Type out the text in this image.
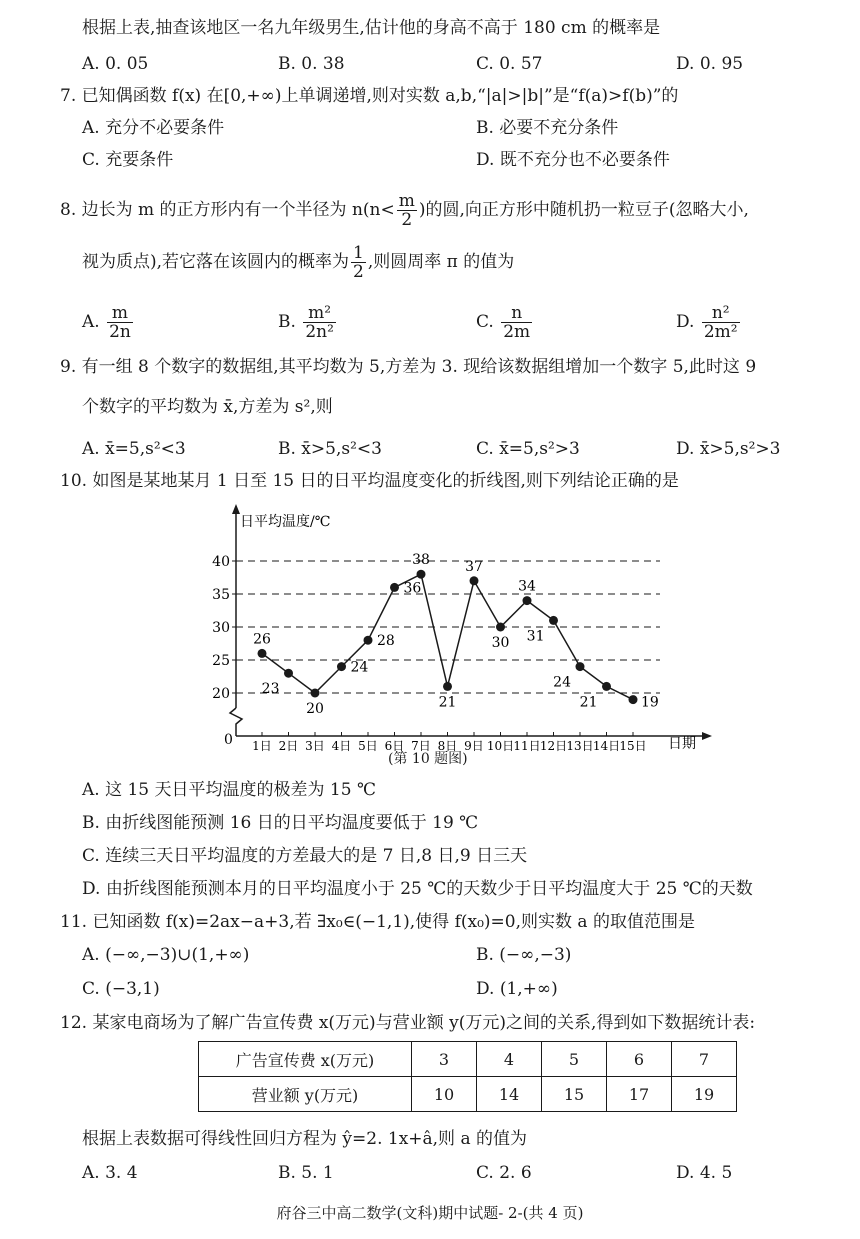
根据上表,抽查该地区一名九年级男生,估计他的身高不高于 180 cm 的概率是
A. 0. 05	B. 0. 38	C. 0. 57	D. 0. 95
7. 已知偶函数 f(x) 在[0,+∞)上单调递增,则对实数 a,b,“|a|>|b|”是“f(a)>f(b)”的
A. 充分不必要条件	B. 必要不充分条件
C. 充要条件	D. 既不充分也不必要条件
8. 边长为 m 的正方形内有一个半径为 $n(n< \frac{m}{2}$ )的圆,向正方形中随机扔一粒豆子(忽略大小,
视为质点),若它落在该圆内的概率为 $\frac{1}{2}$ ,则圆周率 π 的值为
A. $\frac{m}{2n}$	B. $\frac{\text{m²}}{\text{2n²}}$	C. $\frac{n}{2m}$	D. $\frac{\text{n²}}{\text{2m²}}$
9. 有一组 8 个数字的数据组,其平均数为 5,方差为 3. 现给该数据组增加一个数字 5,此时这 9
个数字的平均数为 x̄,方差为 s²,则
A. x̄=5,s²<3	B. x̄>5,s²<3	C. x̄=5,s²>3	D. x̄>5,s²>3
10. 如图是某地某月 1 日至 15 日的日平均温度变化的折线图,则下列结论正确的是
0
日平均温度/℃
日期
20
25
30
35
40
1日 2日 3日 4日 5日 6日 7日 8日 9日 10日 11日 12日 13日 14日 15日
26
23
20
24
28
36
38
21
37
30
34
31
24
21	19
(第 10 题图)
A. 这 15 天日平均温度的极差为 15 ℃
B. 由折线图能预测 16 日的日平均温度要低于 19 ℃
C. 连续三天日平均温度的方差最大的是 7 日,8 日,9 日三天
D. 由折线图能预测本月的日平均温度小于 25 ℃的天数少于日平均温度大于 25 ℃的天数
11. 已知函数 f(x)=2ax−a+3,若 ∃x₀∈(−1,1),使得 f(x₀)=0,则实数 a 的取值范围是
A. (−∞,−3)∪(1,+∞)	B. (−∞,−3)
C. (−3,1)	D. (1,+∞)
12. 某家电商场为了解广告宣传费 x(万元)与营业额 y(万元)之间的关系,得到如下数据统计表:
广告宣传费 x(万元)	3	4	5	6	7
营业额 y(万元)	10	14	15	17	19
根据上表数据可得线性回归方程为 ŷ=2. 1x+â,则 a 的值为
A. 3. 4	B. 5. 1	C. 2. 6	D. 4. 5
府谷三中高二数学(文科)期中试题- 2-(共 4 页)
